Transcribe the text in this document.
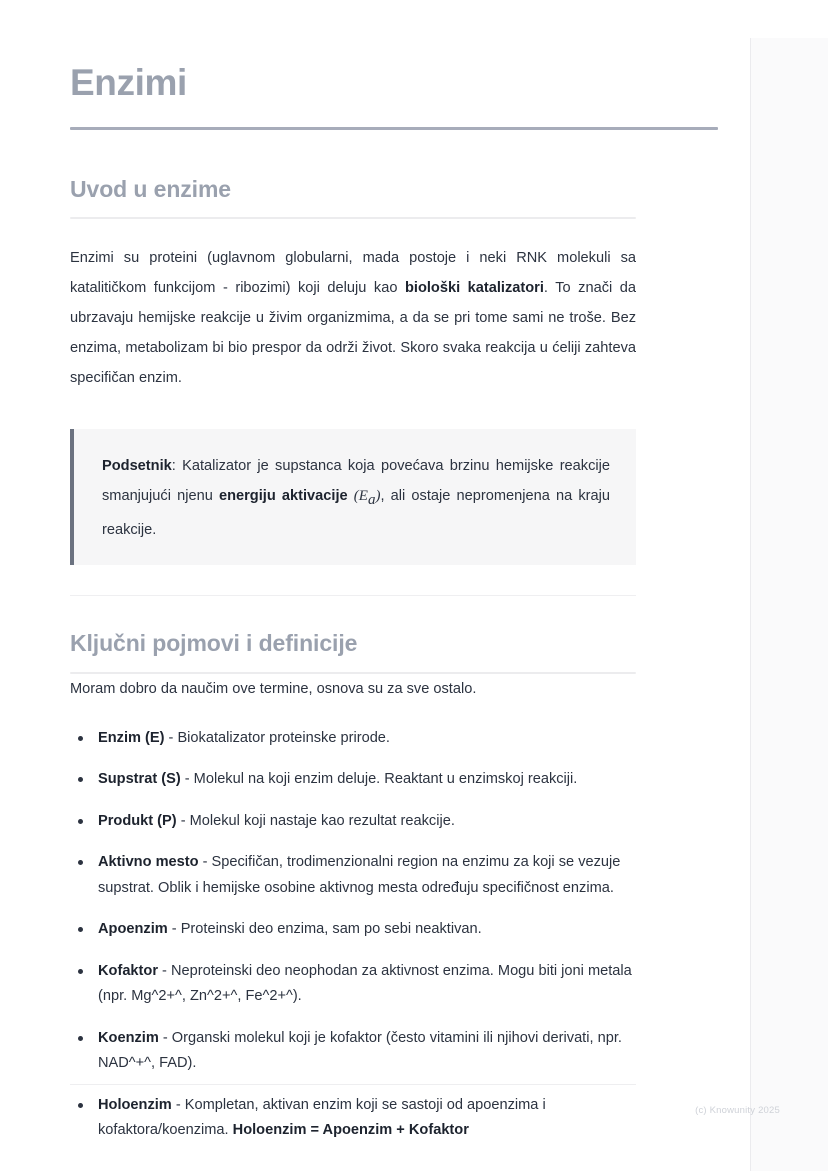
Enzimi
Uvod u enzime

Enzimi su proteini (uglavnom globularni, mada postoje i neki RNK molekuli sa katalitičkom funkcijom - ribozimi) koji deluju kao biološki katalizatori. To znači da ubrzavaju hemijske reakcije u živim organizmima, a da se pri tome sami ne troše. Bez enzima, metabolizam bi bio prespor da održi život. Skoro svaka reakcija u ćeliji zahteva specifičan enzim.

Podsetnik: Katalizator je supstanca koja povećava brzinu hemijske reakcije smanjujući njenu energiju aktivacije $(E_a)$, ali ostaje nepromenjena na kraju reakcije.

Ključni pojmovi i definicije

Moram dobro da naučim ove termine, osnova su za sve ostalo.

Enzim (E) - Biokatalizator proteinske prirode.
Supstrat (S) - Molekul na koji enzim deluje. Reaktant u enzimskoj reakciji.
Produkt (P) - Molekul koji nastaje kao rezultat reakcije.
Aktivno mesto - Specifičan, trodimenzionalni region na enzimu za koji se vezuje supstrat. Oblik i hemijske osobine aktivnog mesta određuju specifičnost enzima.
Apoenzim - Proteinski deo enzima, sam po sebi neaktivan.
Kofaktor - Neproteinski deo neophodan za aktivnost enzima. Mogu biti joni metala (npr. Mg^2+^, Zn^2+^, Fe^2+^).
Koenzim - Organski molekul koji je kofaktor (često vitamini ili njihovi derivati, npr. NAD^+^, FAD).
Holoenzim - Kompletan, aktivan enzim koji se sastoji od apoenzima i kofaktora/koenzima. Holoenzim = Apoenzim + Kofaktor
(c) Knowunity 2025
